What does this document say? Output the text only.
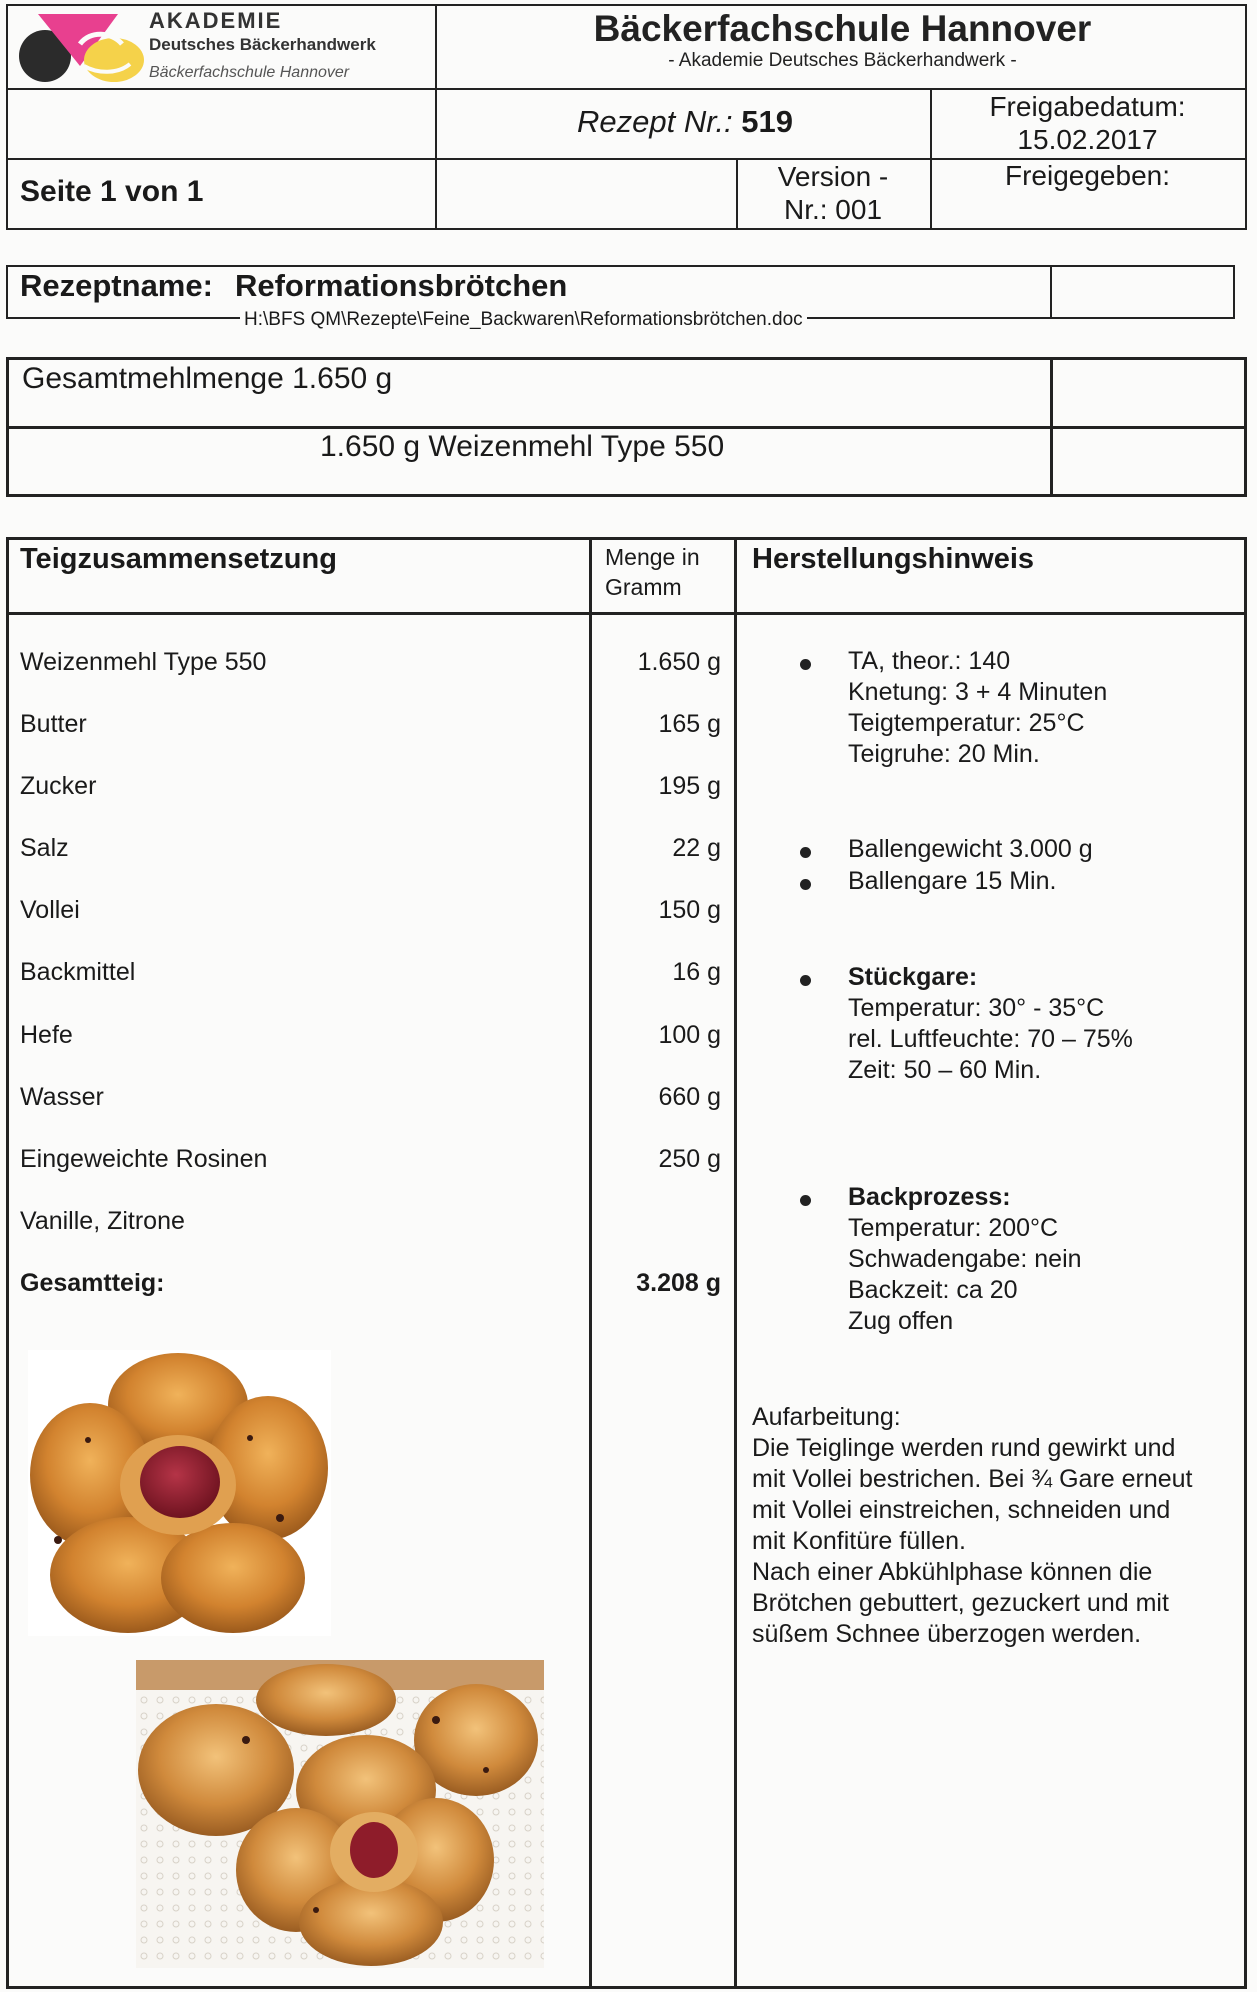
AKADEMIE
Deutsches Bäckerhandwerk
Bäckerfachschule Hannover
Bäckerfachschule Hannover
- Akademie Deutsches Bäckerhandwerk -
Rezept Nr.: 519	Freigabedatum:
15.02.2017
Seite 1 von 1	Version -
Nr.: 001
Freigegeben:
Rezeptname: Reformationsbrötchen
H:\BFS QM\Rezepte\Feine_Backwaren\Reformationsbrötchen.doc
Gesamtmehlmenge 1.650 g
1.650 g Weizenmehl Type 550
Teigzusammensetzung	Menge in
Gramm
Herstellungshinweis
Weizenmehl Type 550	1.650 g
Butter	165 g
Zucker	195 g
Salz	22 g
Vollei	150 g
Backmittel	16 g
Hefe	100 g
Wasser	660 g
Eingeweichte Rosinen	250 g
Vanille, Zitrone
Gesamtteig:	3.208 g
TA, theor.: 140
Knetung: 3 + 4 Minuten
Teigtemperatur: 25°C
Teigruhe: 20 Min.
Ballengewicht 3.000 g
Ballengare 15 Min.
Stückgare:
Temperatur: 30° - 35°C
rel. Luftfeuchte: 70 – 75%
Zeit: 50 – 60 Min.
Backprozess:
Temperatur: 200°C
Schwadengabe: nein
Backzeit: ca 20
Zug offen
Aufarbeitung:
Die Teiglinge werden rund gewirkt und
mit Vollei bestrichen. Bei ¾ Gare erneut
mit Vollei einstreichen, schneiden und
mit Konfitüre füllen.
Nach einer Abkühlphase können die
Brötchen gebuttert, gezuckert und mit
süßem Schnee überzogen werden.
